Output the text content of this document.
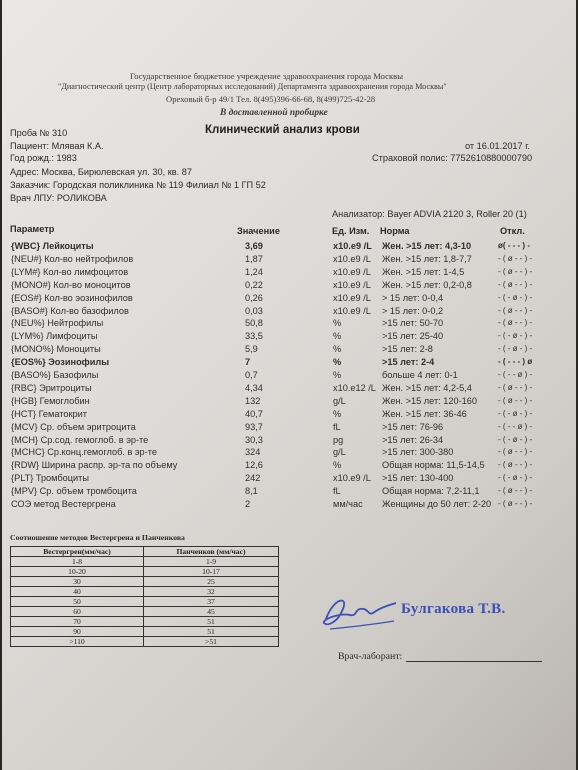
Государственное бюджетное учреждение здравоохранения города Москвы
"Диагностический центр (Центр лабораторных исследований) Департамента здравоохранения города Москвы"
Ореховый б-р 49/1 Тел. 8(495)396-66-68, 8(499)725-42-28
В доставленной пробирке
Клинический анализ крови
Проба № 310
Пациент: Млявая К.А.	от 16.01.2017 г.
Год рожд.: 1983	Страховой полис: 7752610880000790
Адрес: Москва, Бирюлевская ул. 30, кв. 87
Заказчик: Городская поликлиника № 119 Филиал № 1 ГП 52
Врач ЛПУ: РОЛИКОВА
Анализатор: Bayer ADVIA 2120 3, Roller 20 (1)
Параметр	Значение	Ед. Изм. Норма	Откл.
{WBC} Лейкоциты	3,69	x10.e9 /L Жен. >15 лет: 4,3-10	ø( - - - ) -
{NEU#} Кол-во нейтрофилов	1,87	x10.e9 /L Жен. >15 лет: 1,8-7,7	- ( ø - - ) -
{LYM#} Кол-во лимфоцитов	1,24	x10.e9 /L Жен. >15 лет: 1-4,5	- ( ø - - ) -
{MONO#} Кол-во моноцитов	0,22	x10.e9 /L Жен. >15 лет: 0,2-0,8	- ( ø - - ) -
{EOS#} Кол-во эозинофилов	0,26	x10.e9 /L > 15 лет: 0-0,4	- ( - ø - ) -
{BASO#} Кол-во базофилов	0,03	x10.e9 /L > 15 лет: 0-0,2	- ( ø - - ) -
{NEU%} Нейтрофилы	50,8	%	>15 лет: 50-70	- ( ø - - ) -
{LYM%} Лимфоциты	33,5	%	>15 лет: 25-40	- ( - ø - ) -
{MONO%} Моноциты	5,9	%	>15 лет: 2-8	- ( - ø - ) -
{EOS%} Эозинофилы	7	%	>15 лет: 2-4	- ( - - - ) ø
{BASO%} Базофилы	0,7	%	больше 4 лет: 0-1	- ( - - ø ) -
{RBC} Эритроциты	4,34	x10.e12 /L Жен. >15 лет: 4,2-5,4	- ( ø - - ) -
{HGB} Гемоглобин	132	g/L	Жен. >15 лет: 120-160	- ( ø - - ) -
{HCT} Гематокрит	40,7	%	Жен. >15 лет: 36-46	- ( - ø - ) -
{MCV} Ср. объем эритроцита	93,7	fL	>15 лет: 76-96	- ( - - ø ) -
{MCH} Ср.сод. гемоглоб. в эр-те	30,3	pg	>15 лет: 26-34	- ( - ø - ) -
{MCHC} Ср.конц.гемоглоб. в эр-те	324	g/L	>15 лет: 300-380	- ( ø - - ) -
{RDW} Ширина распр. эр-та по объему	12,6	%	Общая норма: 11,5-14,5 - ( ø - - ) -
{PLT} Тромбоциты	242	x10.e9 /L >15 лет: 130-400	- ( - ø - ) -
{MPV} Ср. объем тромбоцита	8,1	fL	Общая норма: 7,2-11,1 - ( ø - - ) -
СОЭ метод Вестергрена	2	мм/час Женщины до 50 лет: 2-20 - ( ø - - ) -
Соотношение методов Вестергрена и Панченкова
Вестергрен(мм/час)	Панченков (мм/час)
1-8	1-9
10-20	10-17
30	25
40	32
50	37
60	45
70	51
90	51
>110	>51
Булгакова Т.В.
Врач-лаборант:
